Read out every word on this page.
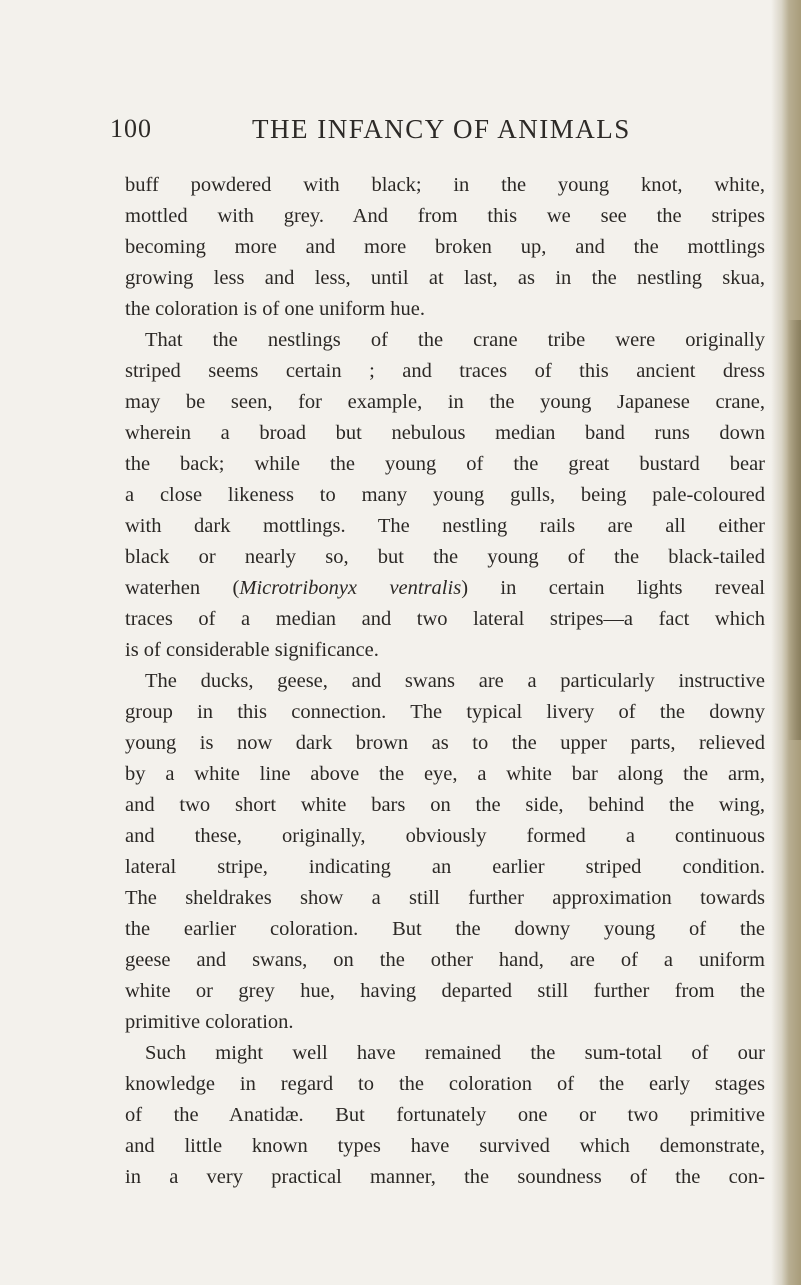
100	THE INFANCY OF ANIMALS
buff powdered with black; in the young knot, white,
mottled with grey. And from this we see the stripes
becoming more and more broken up, and the mottlings
growing less and less, until at last, as in the nestling skua,
the coloration is of one uniform hue.
That the nestlings of the crane tribe were originally
striped seems certain ; and traces of this ancient dress
may be seen, for example, in the young Japanese crane,
wherein a broad but nebulous median band runs down
the back; while the young of the great bustard bear
a close likeness to many young gulls, being pale-coloured
with dark mottlings. The nestling rails are all either
black or nearly so, but the young of the black-tailed
waterhen (Microtribonyx ventralis) in certain lights reveal
traces of a median and two lateral stripes—a fact which
is of considerable significance.
The ducks, geese, and swans are a particularly instructive
group in this connection. The typical livery of the downy
young is now dark brown as to the upper parts, relieved
by a white line above the eye, a white bar along the arm,
and two short white bars on the side, behind the wing,
and these, originally, obviously formed a continuous
lateral stripe, indicating an earlier striped condition.
The sheldrakes show a still further approximation towards
the earlier coloration. But the downy young of the
geese and swans, on the other hand, are of a uniform
white or grey hue, having departed still further from the
primitive coloration.
Such might well have remained the sum-total of our
knowledge in regard to the coloration of the early stages
of the Anatidæ. But fortunately one or two primitive
and little known types have survived which demonstrate,
in a very practical manner, the soundness of the con-
